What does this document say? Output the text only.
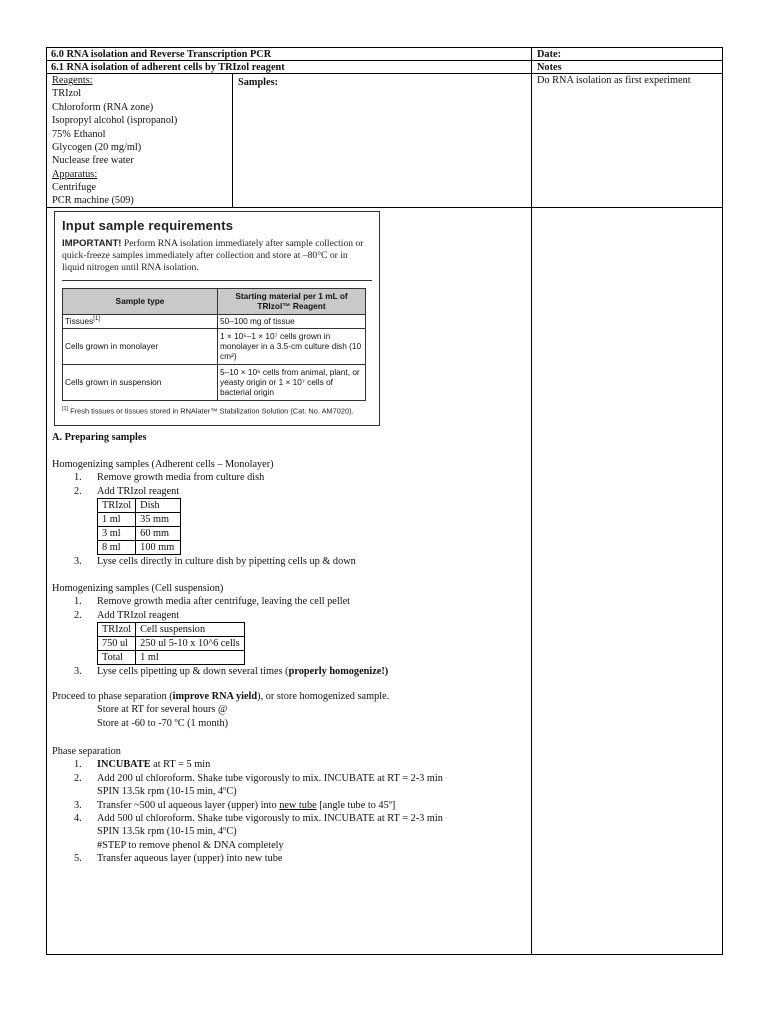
6.0 RNA isolation and Reverse Transcription PCR	Date:
6.1 RNA isolation of adherent cells by TRIzol reagent	Notes
Reagents:
TRIzol
Chloroform (RNA zone)
Isopropyl alcohol (ispropanol)
75% Ethanol
Glycogen (20 mg/ml)
Nuclease free water
Apparatus:
Centrifuge
PCR machine (509)
Samples:	Do RNA isolation as first experiment
Input sample requirements
IMPORTANT! Perform RNA isolation immediately after sample collection or quick-freeze samples immediately after collection and store at –80°C or in liquid nitrogen until RNA isolation.
Sample type	Starting material per 1 mL of TRIzol™ Reagent
Tissues[1]	50–100 mg of tissue
Cells grown in monolayer	1 × 10⁵–1 × 10⁷ cells grown in monolayer in a 3.5-cm culture dish (10 cm²)
Cells grown in suspension	5–10 × 10⁶ cells from animal, plant, or yeasty origin or 1 × 10⁷ cells of bacterial origin
[1] Fresh tissues or tissues stored in RNAlater™ Stabilization Solution (Cat. No. AM7020).
A. Preparing samples
Homogenizing samples (Adherent cells – Monolayer)
1. Remove growth media from culture dish
2. Add TRIzol reagent
TRIzol	Dish
1 ml	35 mm
3 ml	60 mm
8 ml	100 mm
3. Lyse cells directly in culture dish by pipetting cells up & down
Homogenizing samples (Cell suspension)
1. Remove growth media after centrifuge, leaving the cell pellet
2. Add TRIzol reagent
TRIzol	Cell suspension
750 ul	250 ul 5-10 x 10^6 cells
Total	1 ml
3. Lyse cells pipetting up & down several times (properly homogenize!)
Proceed to phase separation (improve RNA yield), or store homogenized sample.
Store at RT for several hours @
Store at -60 to -70 ºC (1 month)
Phase separation
1. INCUBATE at RT = 5 min
2. Add 200 ul chloroform. Shake tube vigorously to mix. INCUBATE at RT = 2-3 min
SPIN 13.5k rpm (10-15 min, 4ºC)
3. Transfer ~500 ul aqueous layer (upper) into new tube [angle tube to 45º]
4. Add 500 ul chloroform. Shake tube vigorously to mix. INCUBATE at RT = 2-3 min
SPIN 13.5k rpm (10-15 min, 4ºC)
#STEP to remove phenol & DNA completely
5. Transfer aqueous layer (upper) into new tube
